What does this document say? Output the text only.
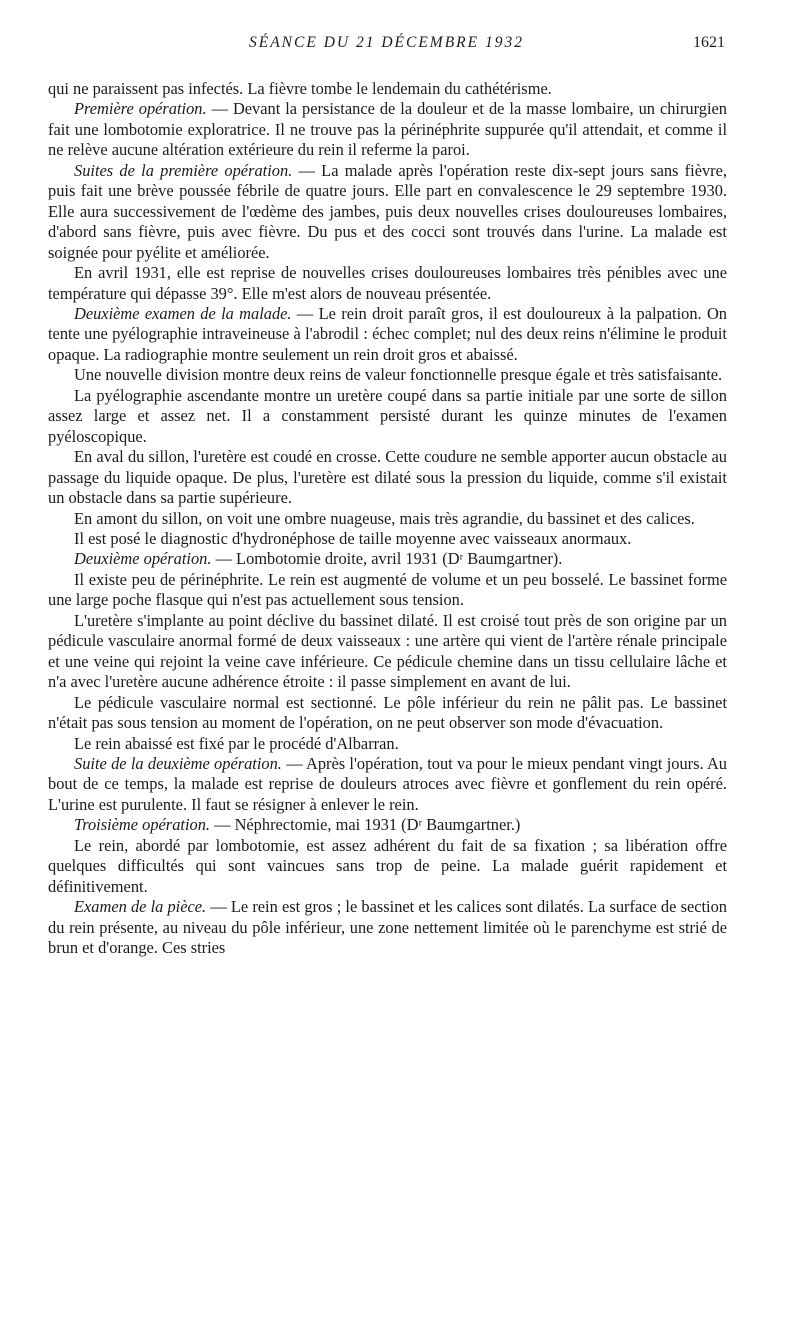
SÉANCE DU 21 DÉCEMBRE 1932	1621

qui ne paraissent pas infectés. La fièvre tombe le lendemain du cathétérisme.

Première opération. — Devant la persistance de la douleur et de la masse lombaire, un chirurgien fait une lombotomie exploratrice. Il ne trouve pas la périnéphrite suppurée qu'il attendait, et comme il ne relève aucune altération extérieure du rein il referme la paroi.

Suites de la première opération. — La malade après l'opération reste dix-sept jours sans fièvre, puis fait une brève poussée fébrile de quatre jours. Elle part en convalescence le 29 septembre 1930. Elle aura successivement de l'œdème des jambes, puis deux nouvelles crises douloureuses lombaires, d'abord sans fièvre, puis avec fièvre. Du pus et des cocci sont trouvés dans l'urine. La malade est soignée pour pyélite et améliorée.

En avril 1931, elle est reprise de nouvelles crises douloureuses lombaires très pénibles avec une température qui dépasse 39°. Elle m'est alors de nouveau présentée.

Deuxième examen de la malade. — Le rein droit paraît gros, il est douloureux à la palpation. On tente une pyélographie intraveineuse à l'abrodil : échec complet; nul des deux reins n'élimine le produit opaque. La radiographie montre seulement un rein droit gros et abaissé.

Une nouvelle division montre deux reins de valeur fonctionnelle presque égale et très satisfaisante.

La pyélographie ascendante montre un uretère coupé dans sa partie initiale par une sorte de sillon assez large et assez net. Il a constamment persisté durant les quinze minutes de l'examen pyéloscopique.

En aval du sillon, l'uretère est coudé en crosse. Cette coudure ne semble apporter aucun obstacle au passage du liquide opaque. De plus, l'uretère est dilaté sous la pression du liquide, comme s'il existait un obstacle dans sa partie supérieure.

En amont du sillon, on voit une ombre nuageuse, mais très agrandie, du bassinet et des calices.

Il est posé le diagnostic d'hydronéphose de taille moyenne avec vaisseaux anormaux.

Deuxième opération. — Lombotomie droite, avril 1931 (Dʳ Baumgartner).

Il existe peu de périnéphrite. Le rein est augmenté de volume et un peu bosselé. Le bassinet forme une large poche flasque qui n'est pas actuellement sous tension.

L'uretère s'implante au point déclive du bassinet dilaté. Il est croisé tout près de son origine par un pédicule vasculaire anormal formé de deux vaisseaux : une artère qui vient de l'artère rénale principale et une veine qui rejoint la veine cave inférieure. Ce pédicule chemine dans un tissu cellulaire lâche et n'a avec l'uretère aucune adhérence étroite : il passe simplement en avant de lui.

Le pédicule vasculaire normal est sectionné. Le pôle inférieur du rein ne pâlit pas. Le bassinet n'était pas sous tension au moment de l'opération, on ne peut observer son mode d'évacuation.

Le rein abaissé est fixé par le procédé d'Albarran.

Suite de la deuxième opération. — Après l'opération, tout va pour le mieux pendant vingt jours. Au bout de ce temps, la malade est reprise de douleurs atroces avec fièvre et gonflement du rein opéré. L'urine est purulente. Il faut se résigner à enlever le rein.

Troisième opération. — Néphrectomie, mai 1931 (Dʳ Baumgartner.)

Le rein, abordé par lombotomie, est assez adhérent du fait de sa fixation ; sa libération offre quelques difficultés qui sont vaincues sans trop de peine. La malade guérit rapidement et définitivement.

Examen de la pièce. — Le rein est gros ; le bassinet et les calices sont dilatés. La surface de section du rein présente, au niveau du pôle inférieur, une zone nettement limitée où le parenchyme est strié de brun et d'orange. Ces stries
